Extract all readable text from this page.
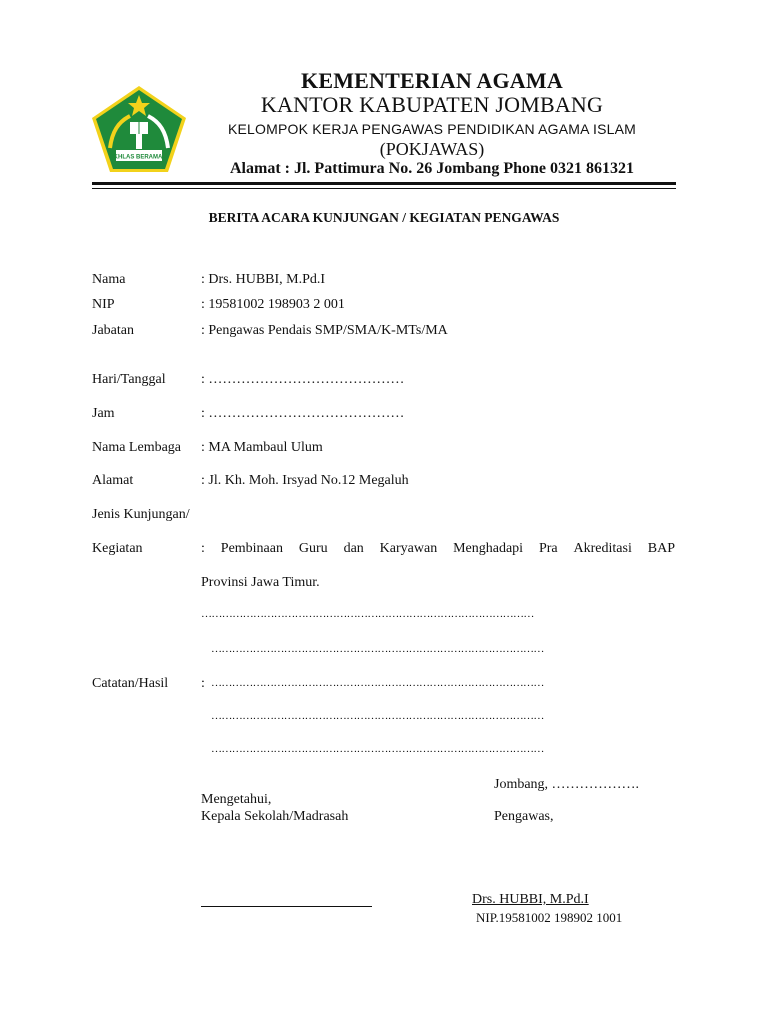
IKHLAS BERAMAL
KEMENTERIAN AGAMA
KANTOR KABUPATEN JOMBANG
KELOMPOK KERJA PENGAWAS PENDIDIKAN AGAMA ISLAM
(POKJAWAS)
Alamat : Jl. Pattimura No. 26 Jombang Phone 0321 861321
BERITA ACARA KUNJUNGAN / KEGIATAN PENGAWAS
Nama	: Drs. HUBBI, M.Pd.I
NIP	: 19581002 198903 2 001
Jabatan	: Pengawas Pendais SMP/SMA/K-MTs/MA
Hari/Tanggal	: ……………………………………
Jam	: ……………………………………
Nama Lembaga : MA Mambaul Ulum
Alamat	: Jl. Kh. Moh. Irsyad No.12 Megaluh
Jenis Kunjungan/
Kegiatan	: Pembinaan Guru dan Karyawan Menghadapi Pra Akreditasi BAP
Provinsi Jawa Timur.
……………………………………………………………………………………
……………………………………………………………………………………
Catatan/Hasil : ……………………………………………………………………………………
……………………………………………………………………………………
……………………………………………………………………………………
Jombang, ……………….
Mengetahui,
Kepala Sekolah/Madrasah	Pengawas,
Drs. HUBBI, M.Pd.I
NIP.19581002 198902 1001
